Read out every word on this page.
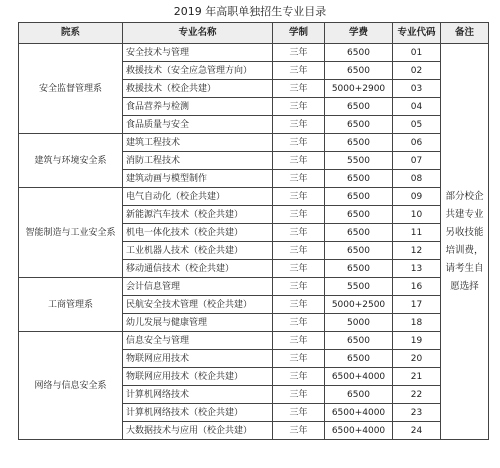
2019 年高职单独招生专业目录
院系	专业名称	学制	学费	专业代码	备注
安全监督管理系	安全技术与管理	三年	6500	01	部分校企共建专业另收技能培训费，请考生自愿选择
	救援技术（安全应急管理方向）	三年	6500	02	
	救援技术（校企共建）	三年	5000+2900	03	
	食品营养与检测	三年	6500	04	
	食品质量与安全	三年	6500	05	
建筑与环境安全系	建筑工程技术	三年	6500	06	
	消防工程技术	三年	5500	07	
	建筑动画与模型制作	三年	6500	08	
智能制造与工业安全系	电气自动化（校企共建）	三年	6500	09	
	新能源汽车技术（校企共建）	三年	6500	10	
	机电一体化技术（校企共建）	三年	6500	11	
	工业机器人技术（校企共建）	三年	6500	12	
	移动通信技术（校企共建）	三年	6500	13	
工商管理系	会计信息管理	三年	5500	16	
	民航安全技术管理（校企共建）	三年	5000+2500	17	
	幼儿发展与健康管理	三年	5000	18	
网络与信息安全系	信息安全与管理	三年	6500	19	
	物联网应用技术	三年	6500	20	
	物联网应用技术（校企共建）	三年	6500+4000	21	
	计算机网络技术	三年	6500	22	
	计算机网络技术（校企共建）	三年	6500+4000	23	
	大数据技术与应用（校企共建）	三年	6500+4000	24	
